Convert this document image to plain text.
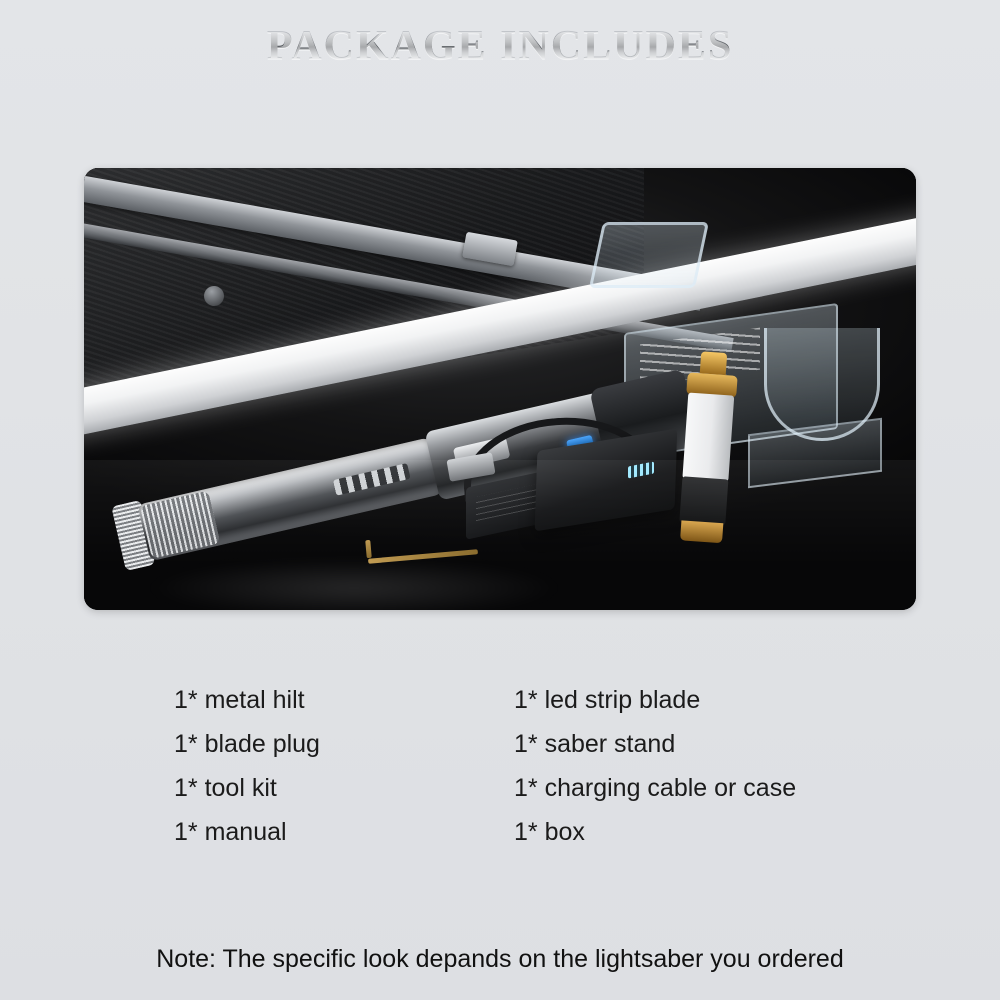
PACKAGE INCLUDES
1* metal hilt
1* blade plug
1* tool kit
1* manual
1* led strip blade
1* saber stand
1* charging cable or case
1* box
Note: The specific look depands on the lightsaber you ordered
